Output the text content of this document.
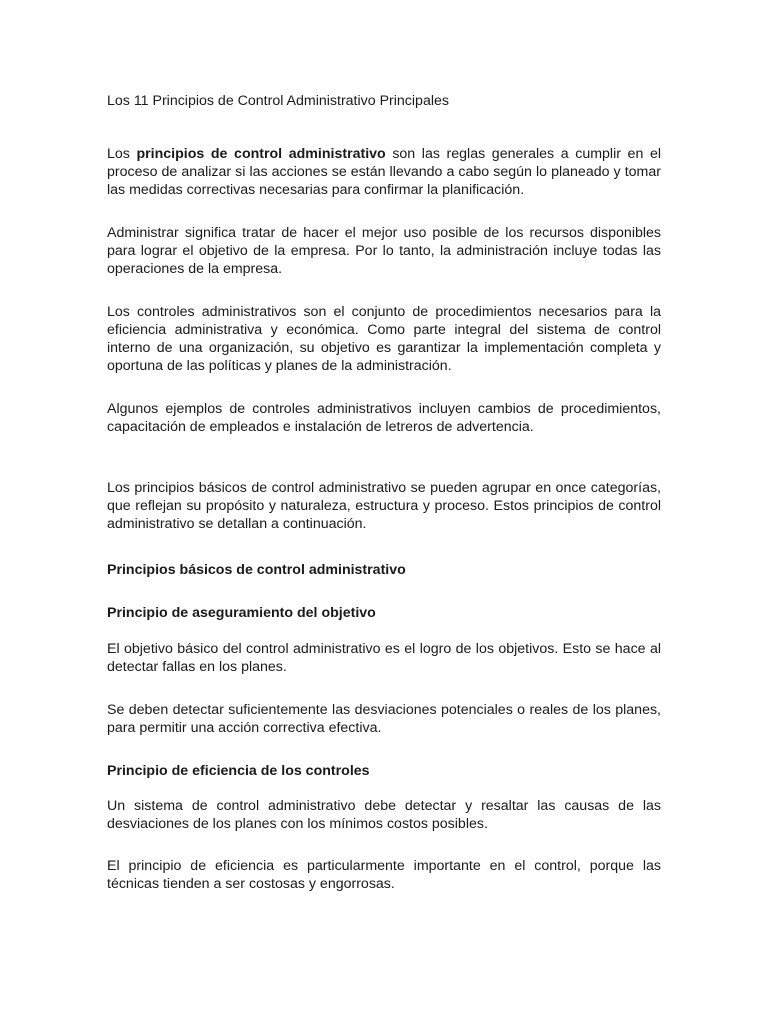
Los 11 Principios de Control Administrativo Principales
Los principios de control administrativo son las reglas generales a cumplir en el proceso de analizar si las acciones se están llevando a cabo según lo planeado y tomar las medidas correctivas necesarias para confirmar la planificación.
Administrar significa tratar de hacer el mejor uso posible de los recursos disponibles para lograr el objetivo de la empresa. Por lo tanto, la administración incluye todas las operaciones de la empresa.
Los controles administrativos son el conjunto de procedimientos necesarios para la eficiencia administrativa y económica. Como parte integral del sistema de control interno de una organización, su objetivo es garantizar la implementación completa y oportuna de las políticas y planes de la administración.
Algunos ejemplos de controles administrativos incluyen cambios de procedimientos, capacitación de empleados e instalación de letreros de advertencia.
Los principios básicos de control administrativo se pueden agrupar en once categorías, que reflejan su propósito y naturaleza, estructura y proceso. Estos principios de control administrativo se detallan a continuación.
Principios básicos de control administrativo
Principio de aseguramiento del objetivo
El objetivo básico del control administrativo es el logro de los objetivos. Esto se hace al detectar fallas en los planes.
Se deben detectar suficientemente las desviaciones potenciales o reales de los planes, para permitir una acción correctiva efectiva.
Principio de eficiencia de los controles
Un sistema de control administrativo debe detectar y resaltar las causas de las desviaciones de los planes con los mínimos costos posibles.
El principio de eficiencia es particularmente importante en el control, porque las técnicas tienden a ser costosas y engorrosas.
